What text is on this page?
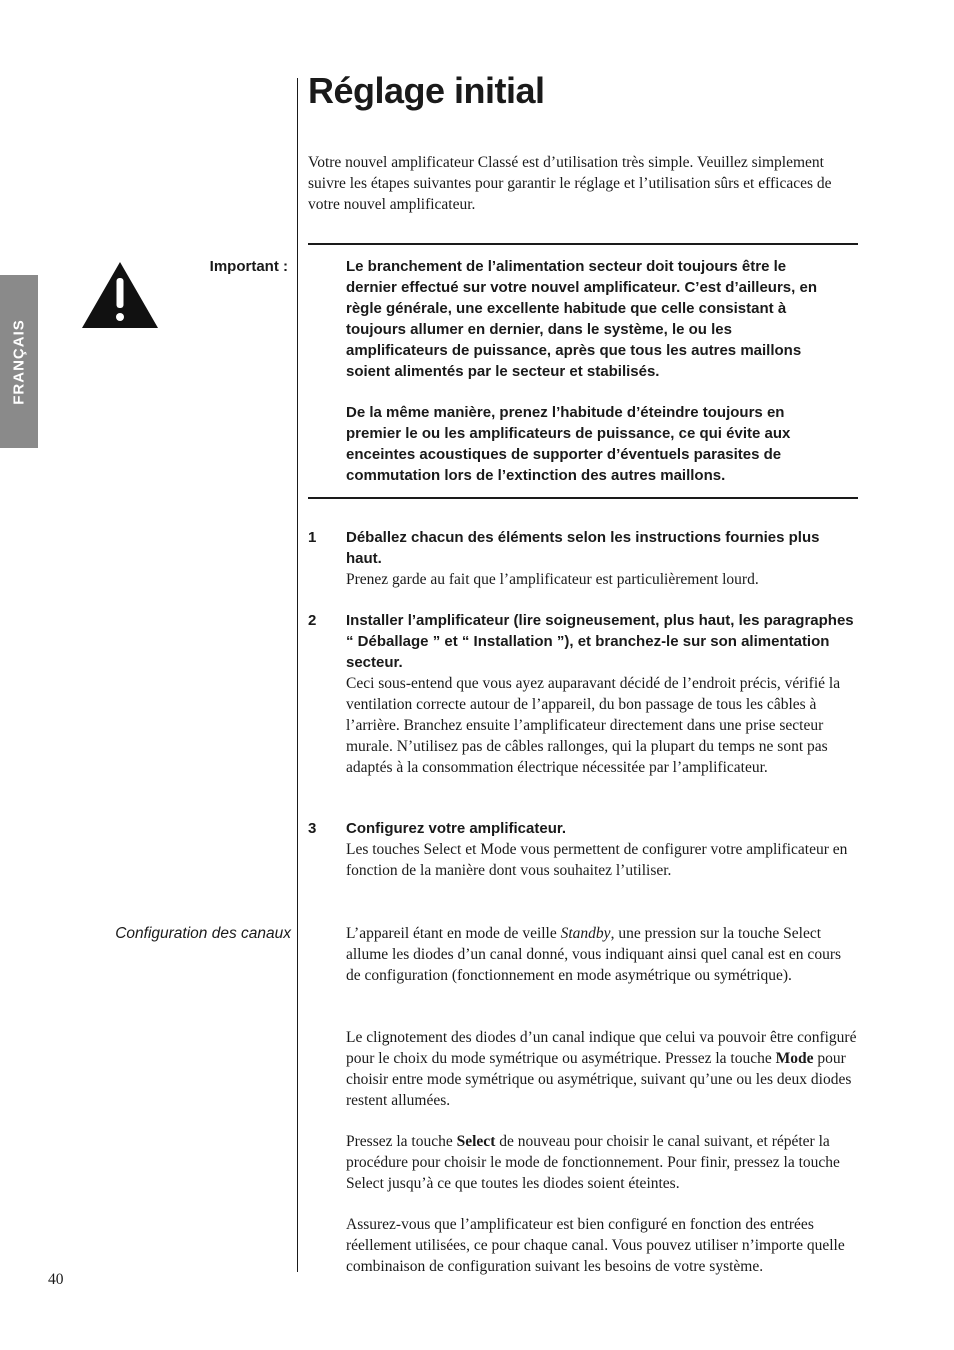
FRANÇAIS
Réglage initial

Votre nouvel amplificateur Classé est d’utilisation très simple. Veuillez simplement suivre les étapes suivantes pour garantir le réglage et l’utilisation sûrs et efficaces de votre nouvel amplificateur.

Important :	Le branchement de l’alimentation secteur doit toujours être le dernier effectué sur votre nouvel amplificateur. C’est d’ailleurs, en règle générale, une excellente habitude que celle consistant à toujours allumer en dernier, dans le système, le ou les amplificateurs de puissance, après que tous les autres maillons soient alimentés par le secteur et stabilisés.

De la même manière, prenez l’habitude d’éteindre toujours en premier le ou les amplificateurs de puissance, ce qui évite aux enceintes acoustiques de supporter d’éventuels parasites de commutation lors de l’extinction des autres maillons.

1 Déballez chacun des éléments selon les instructions fournies plus haut.

Prenez garde au fait que l’amplificateur est particulièrement lourd.

2 Installer l’amplificateur (lire soigneusement, plus haut, les paragraphes “ Déballage ” et “ Installation ”), et branchez-le sur son alimentation secteur.

Ceci sous-entend que vous ayez auparavant décidé de l’endroit précis, vérifié la ventilation correcte autour de l’appareil, du bon passage de tous les câbles à l’arrière. Branchez ensuite l’amplificateur directement dans une prise secteur murale. N’utilisez pas de câbles rallonges, qui la plupart du temps ne sont pas adaptés à la consommation électrique nécessitée par l’amplificateur.

3 Configurez votre amplificateur.

Les touches Select et Mode vous permettent de configurer votre amplificateur en fonction de la manière dont vous souhaitez l’utiliser.

Configuration des canaux	L’appareil étant en mode de veille Standby, une pression sur la touche Select allume les diodes d’un canal donné, vous indiquant ainsi quel canal est en cours de configuration (fonctionnement en mode asymétrique ou symétrique).

Le clignotement des diodes d’un canal indique que celui va pouvoir être configuré pour le choix du mode symétrique ou asymétrique. Pressez la touche Mode pour choisir entre mode symétrique ou asymétrique, suivant qu’une ou les deux diodes restent allumées.

Pressez la touche Select de nouveau pour choisir le canal suivant, et répéter la procédure pour choisir le mode de fonctionnement. Pour finir, pressez la touche Select jusqu’à ce que toutes les diodes soient éteintes.

Assurez-vous que l’amplificateur est bien configuré en fonction des entrées réellement utilisées, ce pour chaque canal. Vous pouvez utiliser n’importe quelle combinaison de configuration suivant les besoins de votre système.

40
